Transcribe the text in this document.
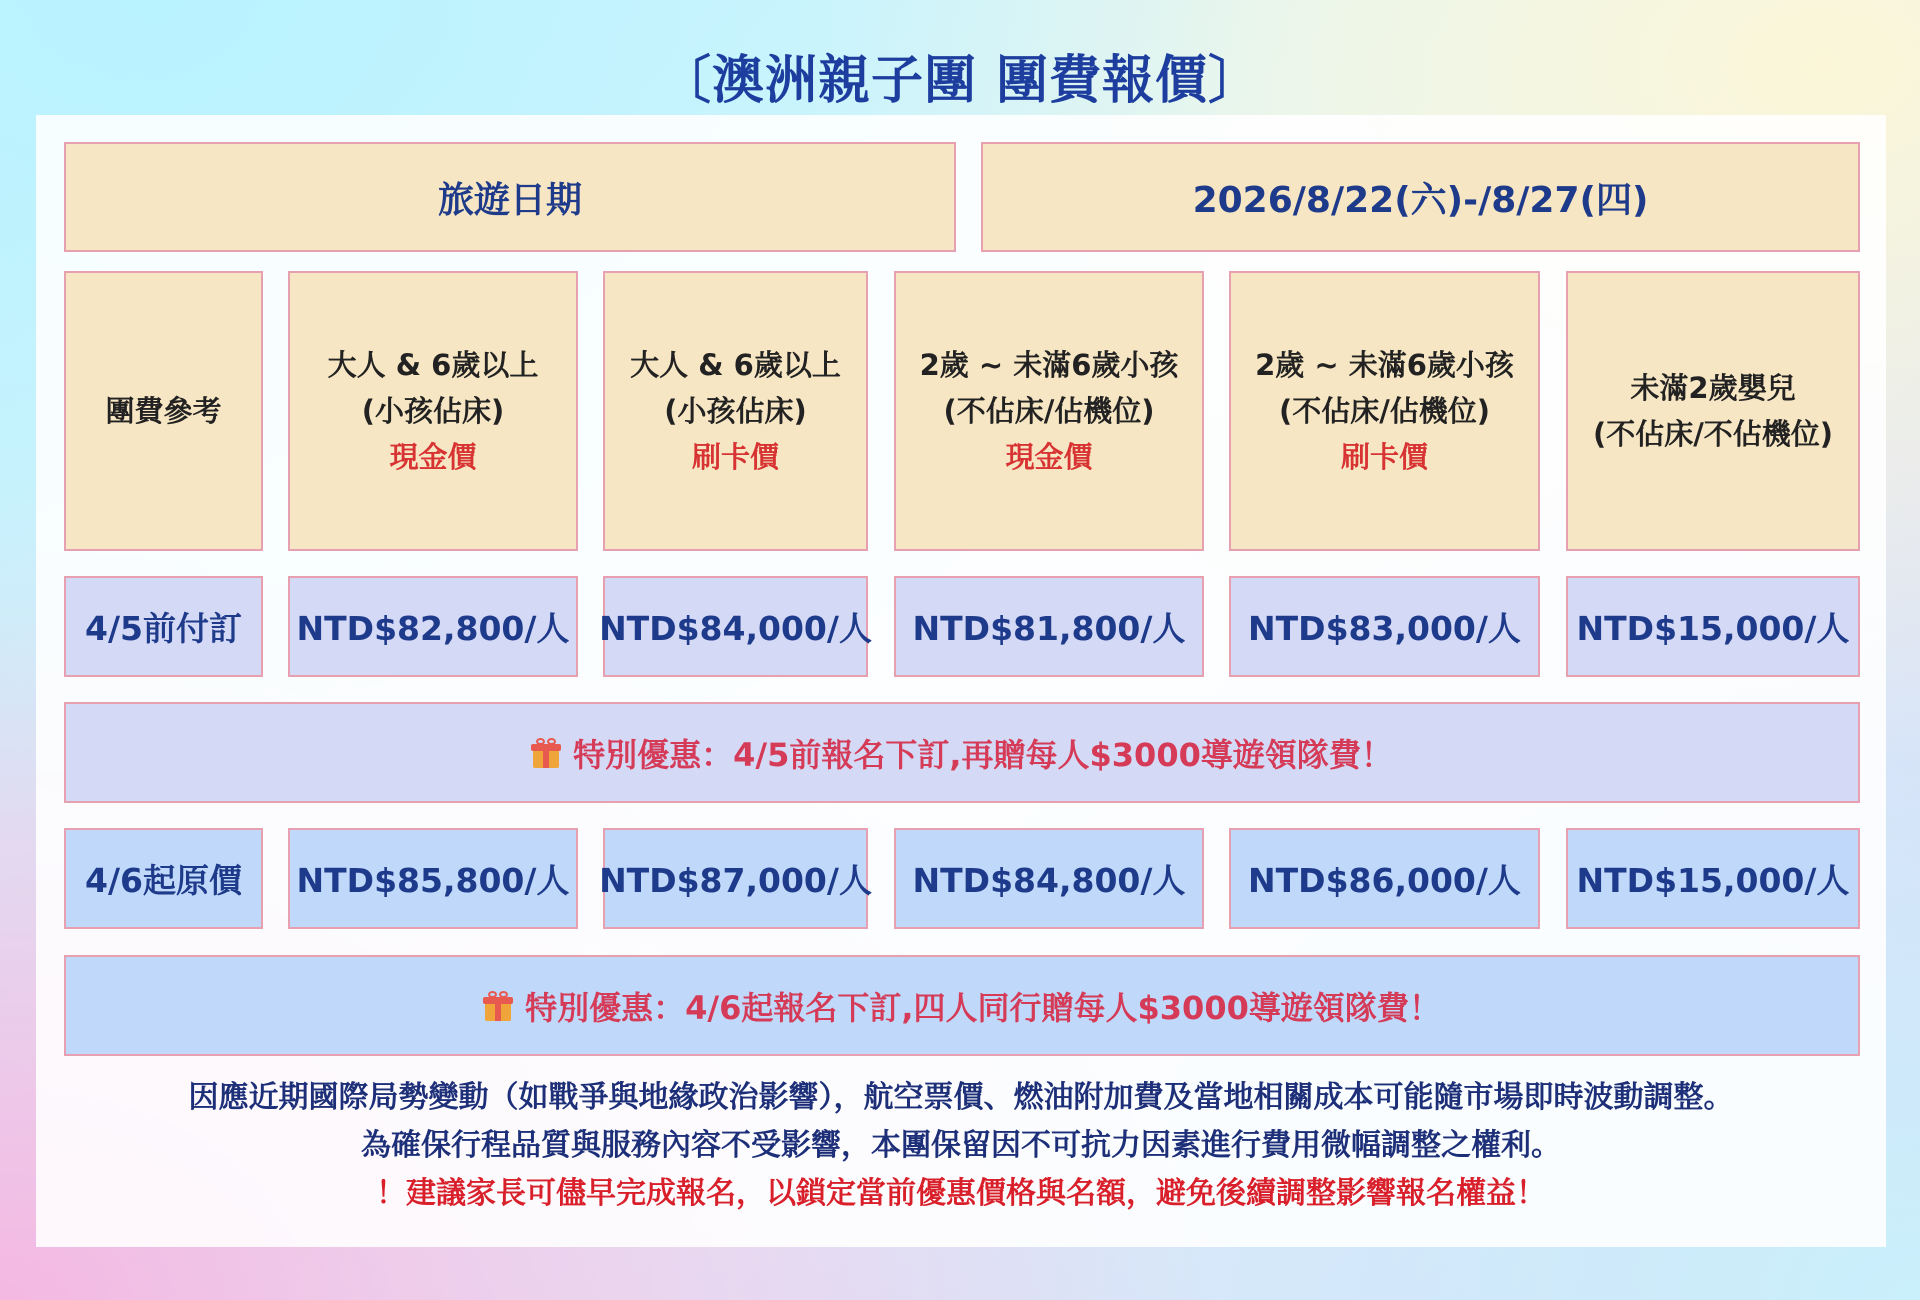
〔澳洲親子團 團費報價〕
旅遊日期	2026/8/22(六)-/8/27(四)
團費參考
大人 & 6歲以上
(小孩佔床)
現金價
大人 & 6歲以上
(小孩佔床)
刷卡價
2歲 ~ 未滿6歲小孩
(不佔床/佔機位)
現金價
2歲 ~ 未滿6歲小孩
(不佔床/佔機位)
刷卡價
未滿2歲嬰兒
(不佔床/不佔機位)
4/5前付訂 NTD$82,800/人 NTD$84,000/人 NTD$81,800/人 NTD$83,000/人 NTD$15,000/人
特別優惠：4/5前報名下訂,再贈每人$3000導遊領隊費！
4/6起原價 NTD$85,800/人 NTD$87,000/人 NTD$84,800/人 NTD$86,000/人 NTD$15,000/人
特別優惠：4/6起報名下訂,四人同行贈每人$3000導遊領隊費！
因應近期國際局勢變動（如戰爭與地緣政治影響），航空票價、燃油附加費及當地相關成本可能隨市場即時波動調整。
為確保行程品質與服務內容不受影響，本團保留因不可抗力因素進行費用微幅調整之權利。
！建議家長可儘早完成報名，以鎖定當前優惠價格與名額，避免後續調整影響報名權益！
